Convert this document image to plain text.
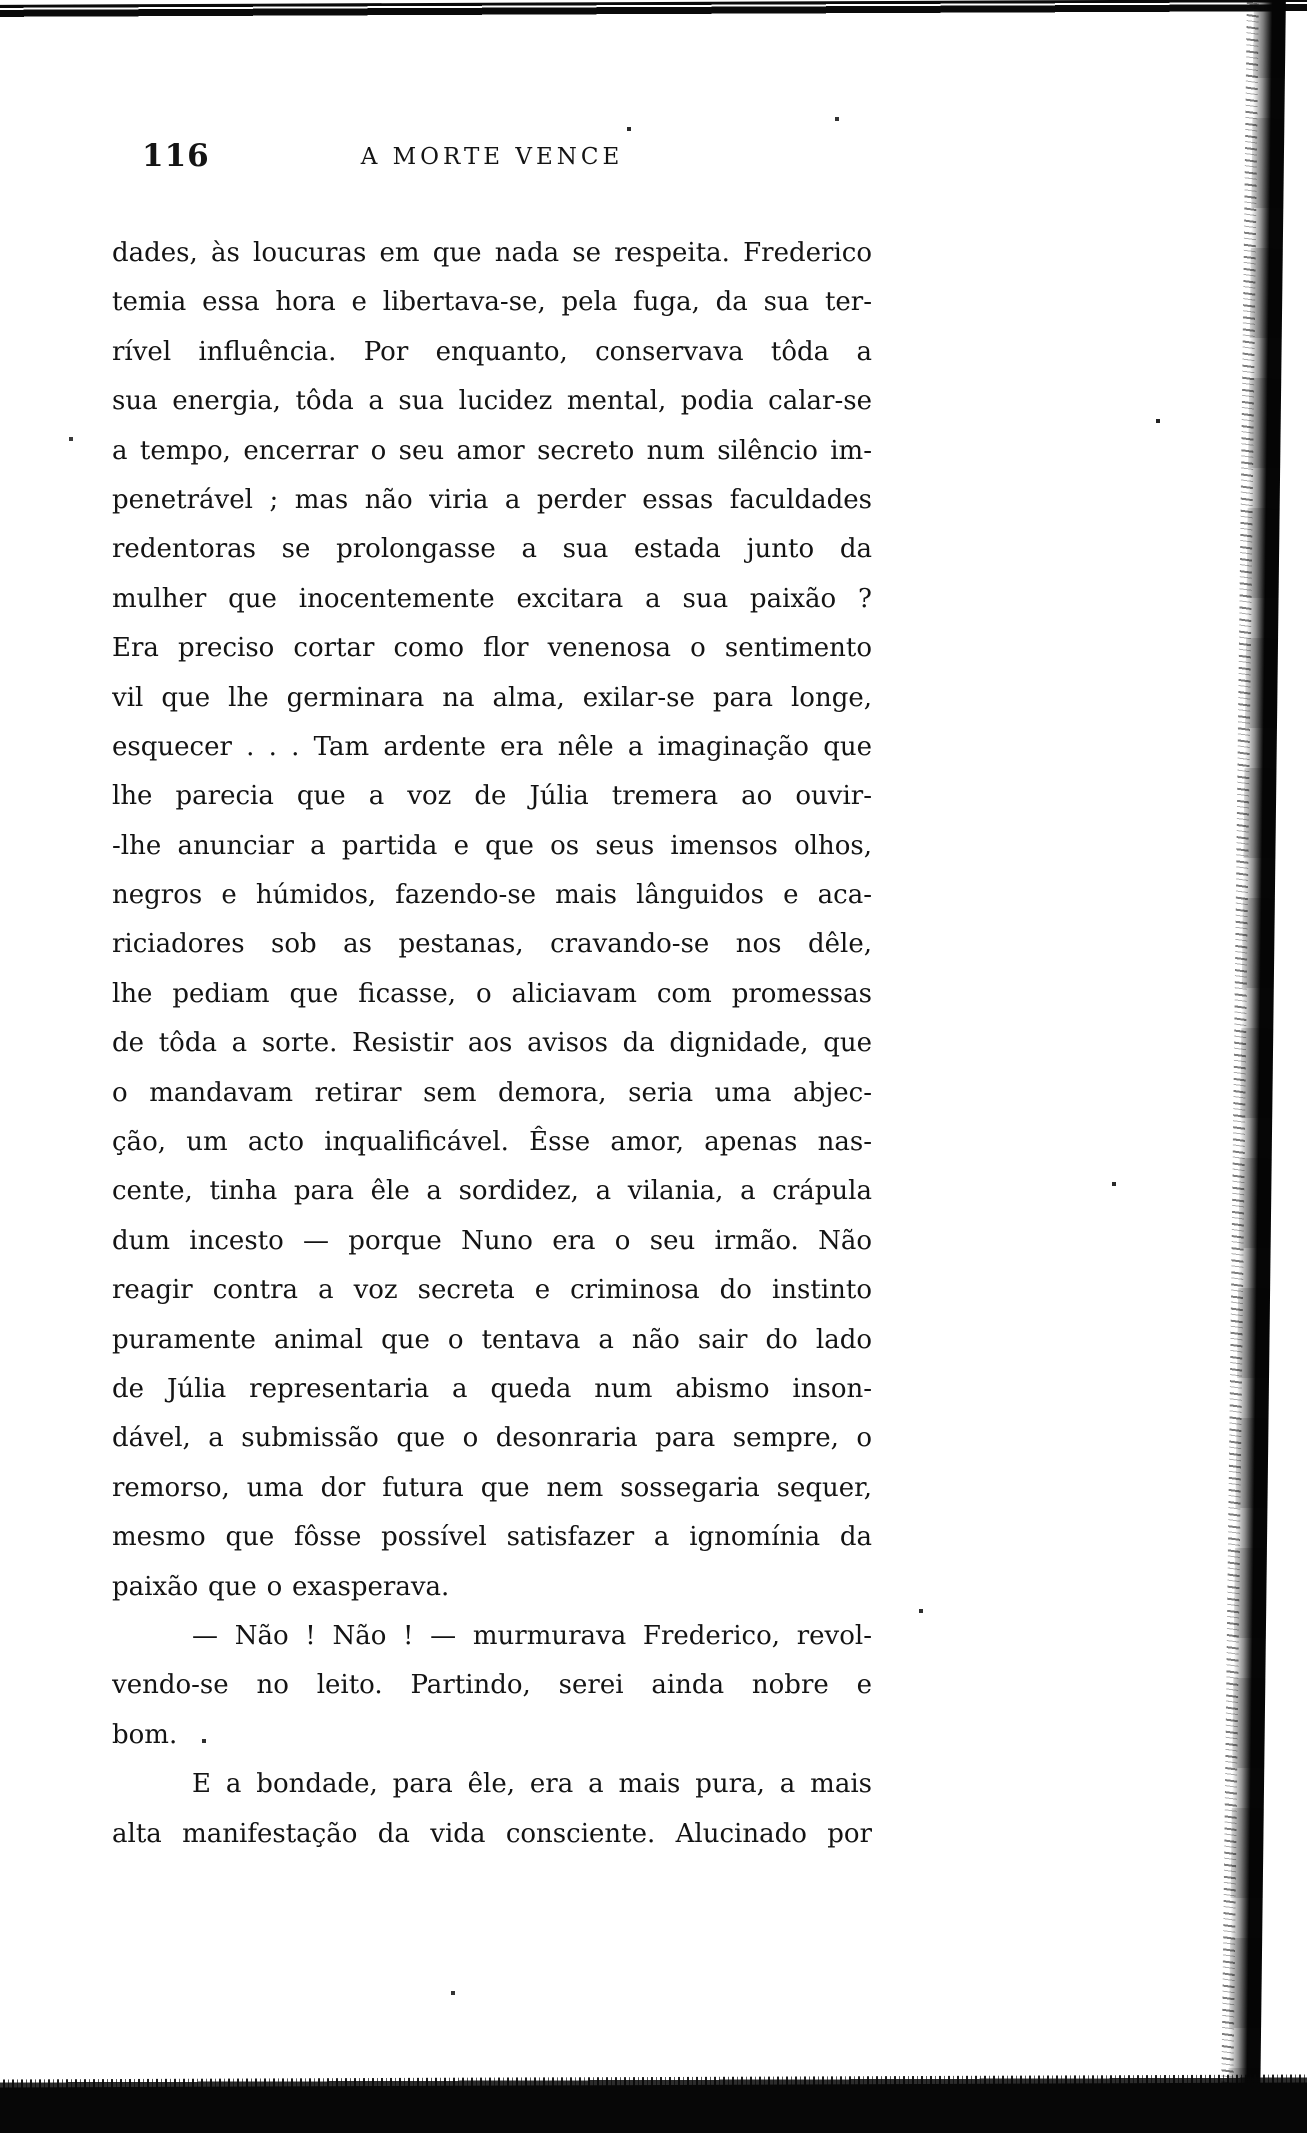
116	A MORTE VENCE
dades, às loucuras em que nada se respeita. Frederico
temia essa hora e libertava-se, pela fuga, da sua ter-
rível influência. Por enquanto, conservava tôda a
sua energia, tôda a sua lucidez mental, podia calar-se
a tempo, encerrar o seu amor secreto num silêncio im-
penetrável ; mas não viria a perder essas faculdades
redentoras se prolongasse a sua estada junto da
mulher que inocentemente excitara a sua paixão ?
Era preciso cortar como flor venenosa o sentimento
vil que lhe germinara na alma, exilar-se para longe,
esquecer . . . Tam ardente era nêle a imaginação que
lhe parecia que a voz de Júlia tremera ao ouvir-
-lhe anunciar a partida e que os seus imensos olhos,
negros e húmidos, fazendo-se mais lânguidos e aca-
riciadores sob as pestanas, cravando-se nos dêle,
lhe pediam que ficasse, o aliciavam com promessas
de tôda a sorte. Resistir aos avisos da dignidade, que
o mandavam retirar sem demora, seria uma abjec-
ção, um acto inqualificável. Êsse amor, apenas nas-
cente, tinha para êle a sordidez, a vilania, a crápula
dum incesto — porque Nuno era o seu irmão. Não
reagir contra a voz secreta e criminosa do instinto
puramente animal que o tentava a não sair do lado
de Júlia representaria a queda num abismo inson-
dável, a submissão que o desonraria para sempre, o
remorso, uma dor futura que nem sossegaria sequer,
mesmo que fôsse possível satisfazer a ignomínia da
paixão que o exasperava.
— Não ! Não ! — murmurava Frederico, revol-
vendo-se no leito. Partindo, serei ainda nobre e
bom.
E a bondade, para êle, era a mais pura, a mais
alta manifestação da vida consciente. Alucinado por
